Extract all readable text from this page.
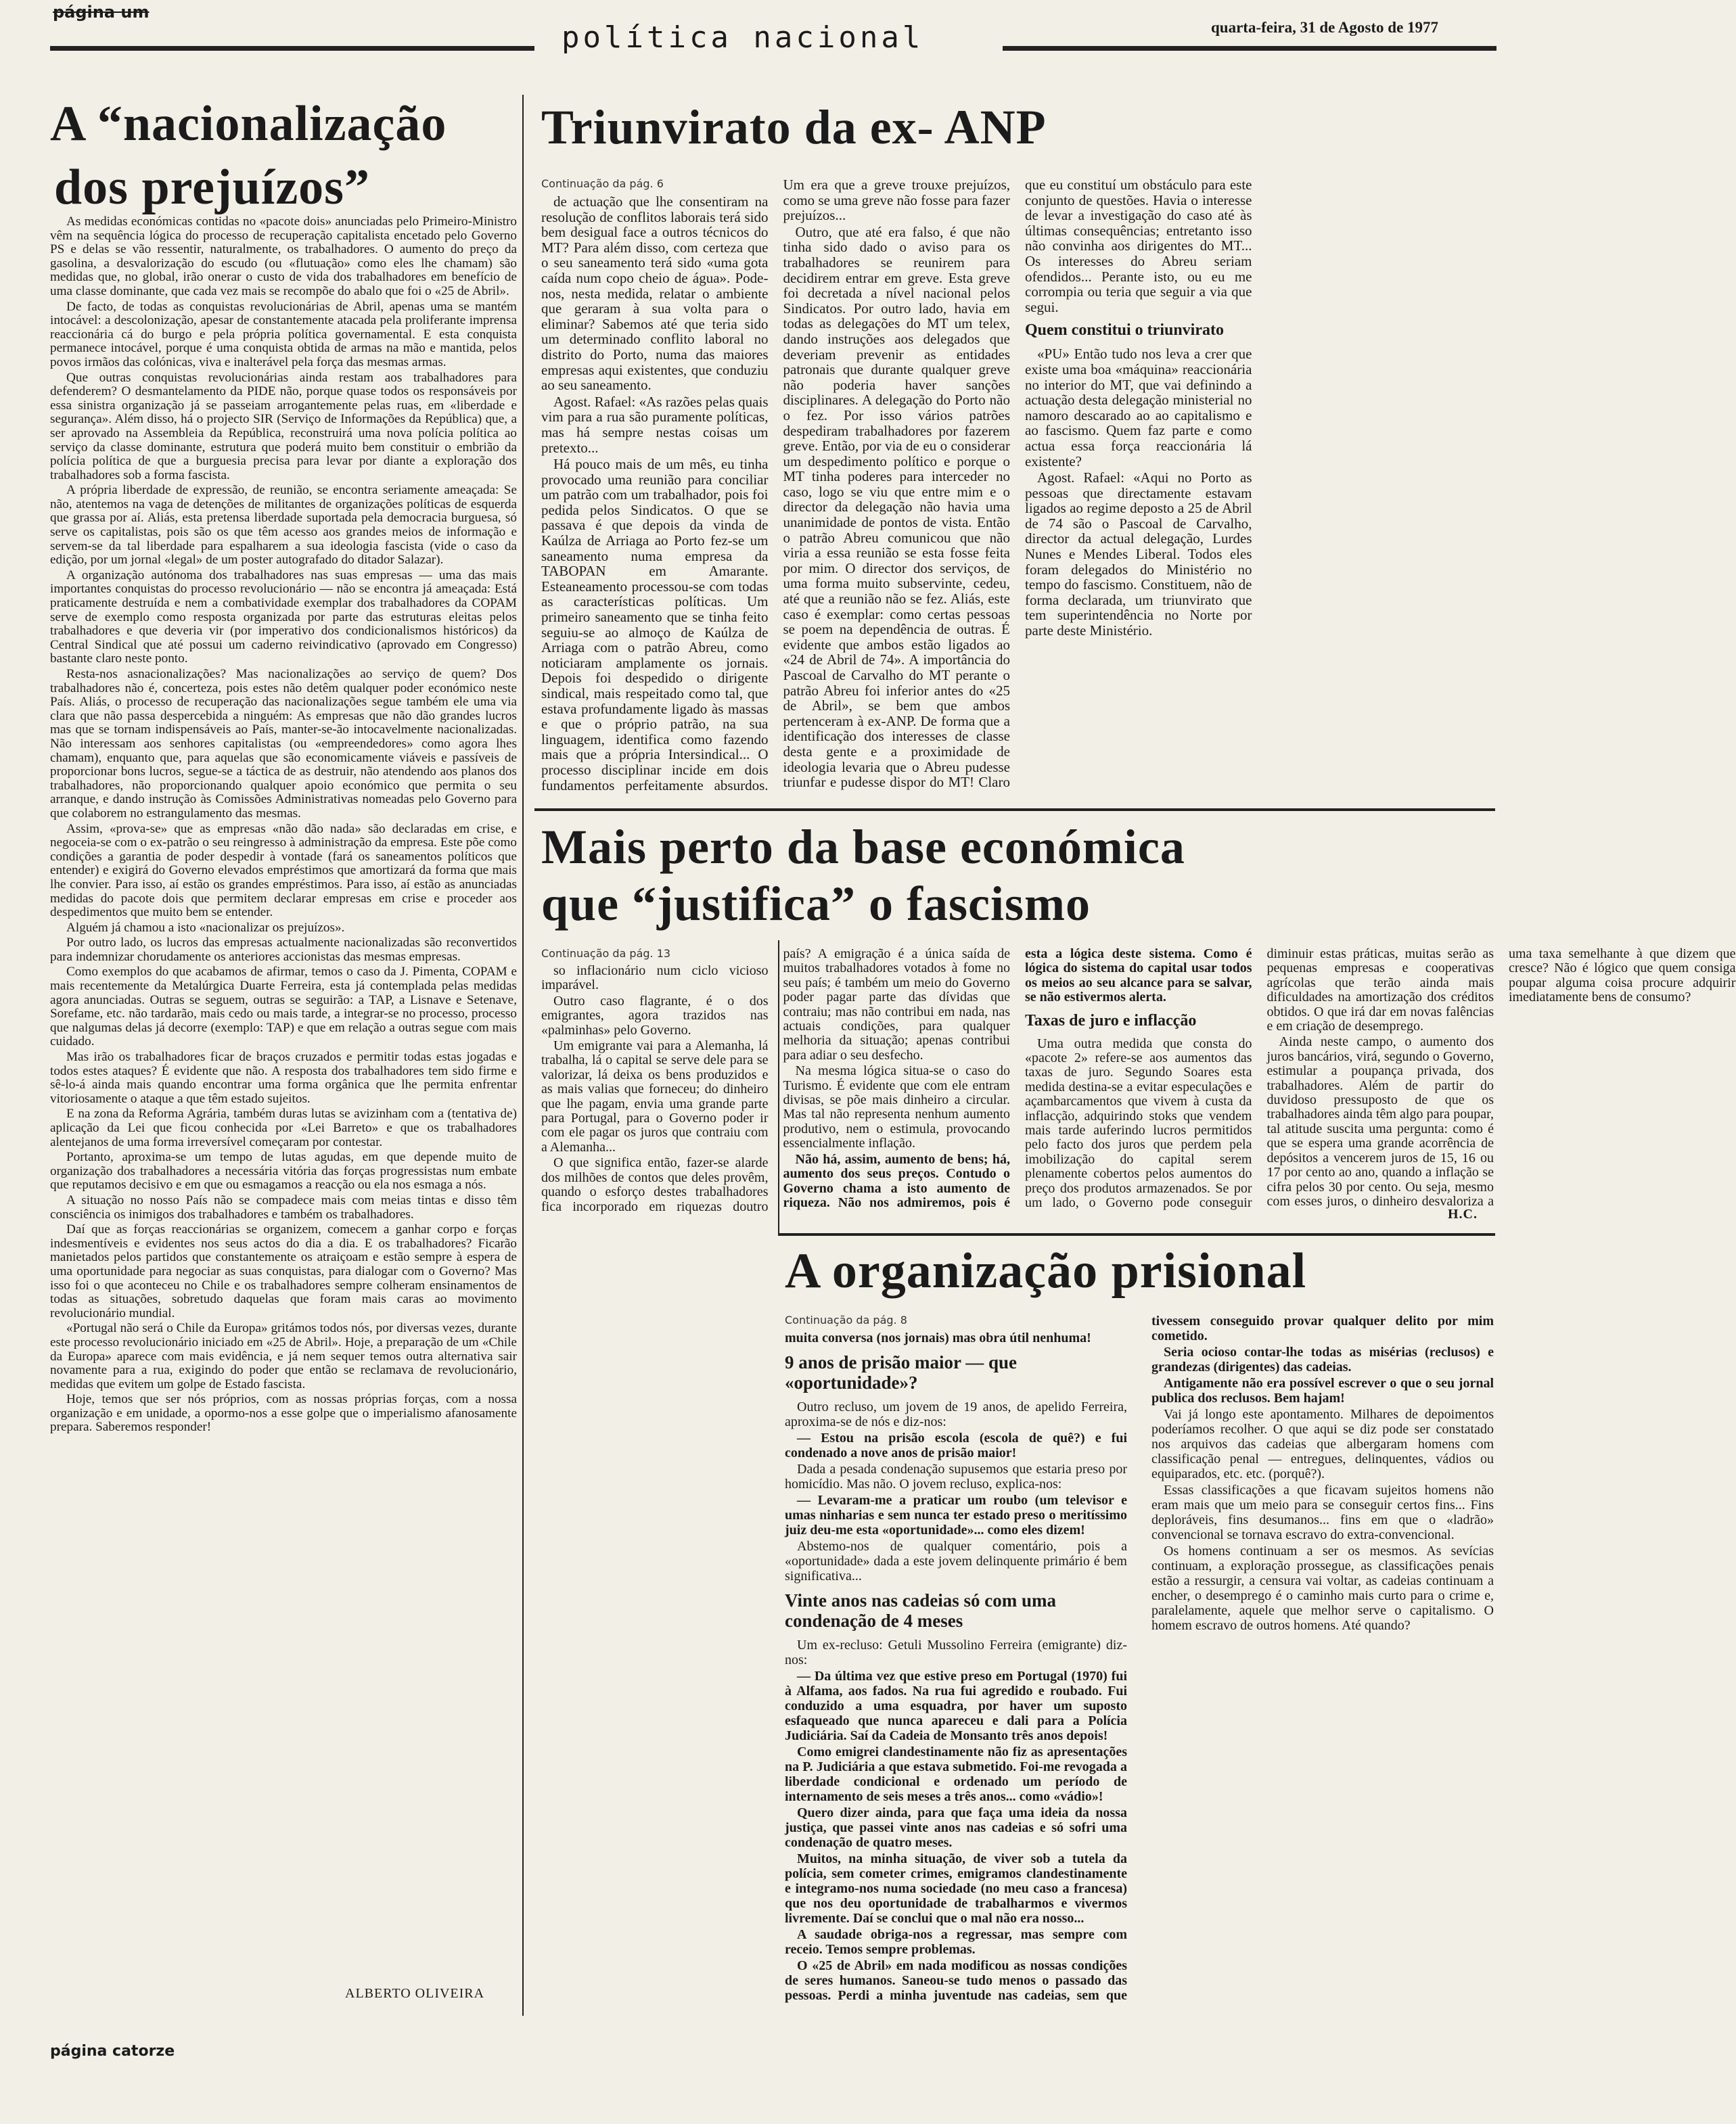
página um
política nacional	quarta-feira, 31 de Agosto de 1977
A “nacionalização
dos prejuízos”

As medidas económicas contidas no «pacote dois» anunciadas pelo Primeiro-Ministro vêm na sequência lógica do processo de recuperação capitalista encetado pelo Governo PS e delas se vão ressentir, naturalmente, os trabalhadores. O aumento do preço da gasolina, a desvalorização do escudo (ou «flutuação» como eles lhe chamam) são medidas que, no global, irão onerar o custo de vida dos trabalhadores em benefício de uma classe dominante, que cada vez mais se recompõe do abalo que foi o «25 de Abril».

De facto, de todas as conquistas revolucionárias de Abril, apenas uma se mantém intocável: a descolonização, apesar de constantemente atacada pela proliferante imprensa reaccionária cá do burgo e pela própria política governamental. E esta conquista permanece intocável, porque é uma conquista obtida de armas na mão e mantida, pelos povos irmãos das colónicas, viva e inalterável pela força das mesmas armas.

Que outras conquistas revolucionárias ainda restam aos trabalhadores para defenderem? O desmantelamento da PIDE não, porque quase todos os responsáveis por essa sinistra organização já se passeiam arrogantemente pelas ruas, em «liberdade e segurança». Além disso, há o projecto SIR (Serviço de Informações da República) que, a ser aprovado na Assembleia da República, reconstruirá uma nova polícia política ao serviço da classe dominante, estrutura que poderá muito bem constituir o embrião da polícia política de que a burguesia precisa para levar por diante a exploração dos trabalhadores sob a forma fascista.

A própria liberdade de expressão, de reunião, se encontra seriamente ameaçada: Se não, atentemos na vaga de detenções de militantes de organizações políticas de esquerda que grassa por aí. Aliás, esta pretensa liberdade suportada pela democracia burguesa, só serve os capitalistas, pois são os que têm acesso aos grandes meios de informação e servem-se da tal liberdade para espalharem a sua ideologia fascista (vide o caso da edição, por um jornal «legal» de um poster autografado do ditador Salazar).

A organização autónoma dos trabalhadores nas suas empresas — uma das mais importantes conquistas do processo revolucionário — não se encontra já ameaçada: Está praticamente destruída e nem a combatividade exemplar dos trabalhadores da COPAM serve de exemplo como resposta organizada por parte das estruturas eleitas pelos trabalhadores e que deveria vir (por imperativo dos condicionalismos históricos) da Central Sindical que até possui um caderno reivindicativo (aprovado em Congresso) bastante claro neste ponto.

Resta-nos asnacionalizações? Mas nacionalizações ao serviço de quem? Dos trabalhadores não é, concerteza, pois estes não detêm qualquer poder económico neste País. Aliás, o processo de recuperação das nacionalizações segue também ele uma via clara que não passa despercebida a ninguém: As empresas que não dão grandes lucros mas que se tornam indispensáveis ao País, manter-se-ão intocavelmente nacionalizadas. Não interessam aos senhores capitalistas (ou «empreendedores» como agora lhes chamam), enquanto que, para aquelas que são economicamente viáveis e passíveis de proporcionar bons lucros, segue-se a táctica de as destruir, não atendendo aos planos dos trabalhadores, não proporcionando qualquer apoio económico que permita o seu arranque, e dando instrução às Comissões Administrativas nomeadas pelo Governo para que colaborem no estrangulamento das mesmas.

Assim, «prova-se» que as empresas «não dão nada» são declaradas em crise, e negoceia-se com o ex-patrão o seu reingresso à administração da empresa. Este põe como condições a garantia de poder despedir à vontade (fará os saneamentos políticos que entender) e exigirá do Governo elevados empréstimos que amortizará da forma que mais lhe convier. Para isso, aí estão os grandes empréstimos. Para isso, aí estão as anunciadas medidas do pacote dois que permitem declarar empresas em crise e proceder aos despedimentos que muito bem se entender.

Alguém já chamou a isto «nacionalizar os prejuízos».

Por outro lado, os lucros das empresas actualmente nacionalizadas são reconvertidos para indemnizar chorudamente os anteriores accionistas das mesmas empresas.

Como exemplos do que acabamos de afirmar, temos o caso da J. Pimenta, COPAM e mais recentemente da Metalúrgica Duarte Ferreira, esta já contemplada pelas medidas agora anunciadas. Outras se seguem, outras se seguirão: a TAP, a Lisnave e Setenave, Sorefame, etc. não tardarão, mais cedo ou mais tarde, a integrar-se no processo, processo que nalgumas delas já decorre (exemplo: TAP) e que em relação a outras segue com mais cuidado.

Mas irão os trabalhadores ficar de braços cruzados e permitir todas estas jogadas e todos estes ataques? É evidente que não. A resposta dos trabalhadores tem sido firme e sê-lo-á ainda mais quando encontrar uma forma orgânica que lhe permita enfrentar vitoriosamente o ataque a que têm estado sujeitos.

E na zona da Reforma Agrária, também duras lutas se avizinham com a (tentativa de) aplicação da Lei que ficou conhecida por «Lei Barreto» e que os trabalhadores alentejanos de uma forma irreversível começaram por contestar.

Portanto, aproxima-se um tempo de lutas agudas, em que depende muito de organização dos trabalhadores a necessária vitória das forças progressistas num embate que reputamos decisivo e em que ou esmagamos a reacção ou ela nos esmaga a nós.

A situação no nosso País não se compadece mais com meias tintas e disso têm consciência os inimigos dos trabalhadores e também os trabalhadores.

Daí que as forças reaccionárias se organizem, comecem a ganhar corpo e forças indesmentíveis e evidentes nos seus actos do dia a dia. E os trabalhadores? Ficarão manietados pelos partidos que constantemente os atraiçoam e estão sempre à espera de uma oportunidade para negociar as suas conquistas, para dialogar com o Governo? Mas isso foi o que aconteceu no Chile e os trabalhadores sempre colheram ensinamentos de todas as situações, sobretudo daquelas que foram mais caras ao movimento revolucionário mundial.

«Portugal não será o Chile da Europa» gritámos todos nós, por diversas vezes, durante este processo revolucionário iniciado em «25 de Abril». Hoje, a preparação de um «Chile da Europa» aparece com mais evidência, e já nem sequer temos outra alternativa sair novamente para a rua, exigindo do poder que então se reclamava de revolucionário, medidas que evitem um golpe de Estado fascista.

Hoje, temos que ser nós próprios, com as nossas próprias forças, com a nossa organização e em unidade, a opormo-nos a esse golpe que o imperialismo afanosamente prepara. Saberemos responder!

ALBERTO OLIVEIRA
Triunvirato da ex- ANP
Continuação da pág. 6

de actuação que lhe consentiram na resolução de conflitos laborais terá sido bem desigual face a outros técnicos do MT? Para além disso, com certeza que o seu saneamento terá sido «uma gota caída num copo cheio de água». Pode-nos, nesta medida, relatar o ambiente que geraram à sua volta para o eliminar? Sabemos até que teria sido um determinado conflito laboral no distrito do Porto, numa das maiores empresas aqui existentes, que conduziu ao seu saneamento.

Agost. Rafael: «As razões pelas quais vim para a rua são puramente políticas, mas há sempre nestas coisas um pretexto...

Há pouco mais de um mês, eu tinha provocado uma reunião para conciliar um patrão com um trabalhador, pois foi pedida pelos Sindicatos. O que se passava é que depois da vinda de Kaúlza de Arriaga ao Porto fez-se um saneamento numa empresa da TABOPAN em Amarante. Esteaneamento processou-se com todas as características políticas. Um primeiro saneamento que se tinha feito seguiu-se ao almoço de Kaúlza de Arriaga com o patrão Abreu, como noticiaram amplamente os jornais. Depois foi despedido o dirigente sindical, mais respeitado como tal, que estava profundamente ligado às massas e que o próprio patrão, na sua linguagem, identifica como fazendo mais que a própria Intersindical... O processo disciplinar incide em dois fundamentos perfeitamente absurdos. Um era que a greve trouxe prejuízos, como se uma greve não fosse para fazer prejuízos...

Outro, que até era falso, é que não tinha sido dado o aviso para os trabalhadores se reunirem para decidirem entrar em greve. Esta greve foi decretada a nível nacional pelos Sindicatos. Por outro lado, havia em todas as delegações do MT um telex, dando instruções aos delegados que deveriam prevenir as entidades patronais que durante qualquer greve não poderia haver sanções disciplinares. A delegação do Porto não o fez. Por isso vários patrões despediram trabalhadores por fazerem greve. Então, por via de eu o considerar um despedimento político e porque o MT tinha poderes para interceder no caso, logo se viu que entre mim e o director da delegação não havia uma unanimidade de pontos de vista. Então o patrão Abreu comunicou que não viria a essa reunião se esta fosse feita por mim. O director dos serviços, de uma forma muito subservinte, cedeu, até que a reunião não se fez. Aliás, este caso é exemplar: como certas pessoas se poem na dependência de outras. É evidente que ambos estão ligados ao «24 de Abril de 74». A importância do Pascoal de Carvalho do MT perante o patrão Abreu foi inferior antes do «25 de Abril», se bem que ambos pertenceram à ex-ANP. De forma que a identificação dos interesses de classe desta gente e a proximidade de ideologia levaria que o Abreu pudesse triunfar e pudesse dispor do MT! Claro que eu constituí um obstáculo para este conjunto de questões. Havia o interesse de levar a investigação do caso até às últimas consequências; entretanto isso não convinha aos dirigentes do MT... Os interesses do Abreu seriam ofendidos... Perante isto, ou eu me corrompia ou teria que seguir a via que segui.

Quem constitui o triunvirato

«PU» Então tudo nos leva a crer que existe uma boa «máquina» reaccionária no interior do MT, que vai definindo a actuação desta delegação ministerial no namoro descarado ao ao capitalismo e ao fascismo. Quem faz parte e como actua essa força reaccionária lá existente?

Agost. Rafael: «Aqui no Porto as pessoas que directamente estavam ligados ao regime deposto a 25 de Abril de 74 são o Pascoal de Carvalho, director da actual delegação, Lurdes Nunes e Mendes Liberal. Todos eles foram delegados do Ministério no tempo do fascismo. Constituem, não de forma declarada, um triunvirato que tem superintendência no Norte por parte deste Ministério.

Mais perto da base económica
que “justifica” o fascismo
Continuação da pág. 13

so inflacionário num ciclo vicioso imparável.

Outro caso flagrante, é o dos emigrantes, agora trazidos nas «palminhas» pelo Governo.

Um emigrante vai para a Alemanha, lá trabalha, lá o capital se serve dele para se valorizar, lá deixa os bens produzidos e as mais valias que forneceu; do dinheiro que lhe pagam, envia uma grande parte para Portugal, para o Governo poder ir com ele pagar os juros que contraiu com a Alemanha...

O que significa então, fazer-se alarde dos milhões de contos que deles provêm, quando o esforço destes trabalhadores fica incorporado em riquezas doutro país? A emigração é a única saída de muitos trabalhadores votados à fome no seu país; é também um meio do Governo poder pagar parte das dívidas que contraiu; mas não contribui em nada, nas actuais condições, para qualquer melhoria da situação; apenas contribui para adiar o seu desfecho.

Na mesma lógica situa-se o caso do Turismo. É evidente que com ele entram divisas, se põe mais dinheiro a circular. Mas tal não representa nenhum aumento produtivo, nem o estimula, provocando essencialmente inflação.

Não há, assim, aumento de bens; há, aumento dos seus preços. Contudo o Governo chama a isto aumento de riqueza. Não nos admiremos, pois é esta a lógica deste sistema. Como é lógica do sistema do capital usar todos os meios ao seu alcance para se salvar, se não estivermos alerta.

Taxas de juro e inflacção

Uma outra medida que consta do «pacote 2» refere-se aos aumentos das taxas de juro. Segundo Soares esta medida destina-se a evitar especulações e açambarcamentos que vivem à custa da inflacção, adquirindo stoks que vendem mais tarde auferindo lucros permitidos pelo facto dos juros que perdem pela imobilização do capital serem plenamente cobertos pelos aumentos do preço dos produtos armazenados. Se por um lado, o Governo pode conseguir diminuir estas práticas, muitas serão as pequenas empresas e cooperativas agrícolas que terão ainda mais dificuldades na amortização dos créditos obtidos. O que irá dar em novas falências e em criação de desemprego.

Ainda neste campo, o aumento dos juros bancários, virá, segundo o Governo, estimular a poupança privada, dos trabalhadores. Além de partir do duvidoso pressuposto de que os trabalhadores ainda têm algo para poupar, tal atitude suscita uma pergunta: como é que se espera uma grande acorrência de depósitos a vencerem juros de 15, 16 ou 17 por cento ao ano, quando a inflação se cifra pelos 30 por cento. Ou seja, mesmo com esses juros, o dinheiro desvaloriza a uma taxa semelhante à que dizem que cresce? Não é lógico que quem consiga poupar alguma coisa procure adquirir imediatamente bens de consumo?

H.C.
A organização prisional
Continuação da pág. 8

muita conversa (nos jornais) mas obra útil nenhuma!

9 anos de prisão maior — que «oportunidade»?

Outro recluso, um jovem de 19 anos, de apelido Ferreira, aproxima-se de nós e diz-nos:

— Estou na prisão escola (escola de quê?) e fui condenado a nove anos de prisão maior!

Dada a pesada condenação supusemos que estaria preso por homicídio. Mas não. O jovem recluso, explica-nos:

— Levaram-me a praticar um roubo (um televisor e umas ninharias e sem nunca ter estado preso o meritíssimo juiz deu-me esta «oportunidade»... como eles dizem!

Abstemo-nos de qualquer comentário, pois a «oportunidade» dada a este jovem delinquente primário é bem significativa...

Vinte anos nas cadeias só com uma condenação de 4 meses

Um ex-recluso: Getuli Mussolino Ferreira (emigrante) diz-nos:

— Da última vez que estive preso em Portugal (1970) fui à Alfama, aos fados. Na rua fui agredido e roubado. Fui conduzido a uma esquadra, por haver um suposto esfaqueado que nunca apareceu e dali para a Polícia Judiciária. Saí da Cadeia de Monsanto três anos depois!

Como emigrei clandestinamente não fiz as apresentações na P. Judiciária a que estava submetido. Foi-me revogada a liberdade condicional e ordenado um período de internamento de seis meses a três anos... como «vádio»!

Quero dizer ainda, para que faça uma ideia da nossa justiça, que passei vinte anos nas cadeias e só sofri uma condenação de quatro meses.

Muitos, na minha situação, de viver sob a tutela da polícia, sem cometer crimes, emigramos clandestinamente e integramo-nos numa sociedade (no meu caso a francesa) que nos deu oportunidade de trabalharmos e vivermos livremente. Daí se conclui que o mal não era nosso...

A saudade obriga-nos a regressar, mas sempre com receio. Temos sempre problemas.

O «25 de Abril» em nada modificou as nossas condições de seres humanos. Saneou-se tudo menos o passado das pessoas. Perdi a minha juventude nas cadeias, sem que tivessem conseguido provar qualquer delito por mim cometido.

Seria ocioso contar-lhe todas as misérias (reclusos) e grandezas (dirigentes) das cadeias.

Antigamente não era possível escrever o que o seu jornal publica dos reclusos. Bem hajam!

Vai já longo este apontamento. Milhares de depoimentos poderíamos recolher. O que aqui se diz pode ser constatado nos arquivos das cadeias que albergaram homens com classificação penal — entregues, delinquentes, vádios ou equiparados, etc. etc. (porquê?).

Essas classificações a que ficavam sujeitos homens não eram mais que um meio para se conseguir certos fins... Fins deploráveis, fins desumanos... fins em que o «ladrão» convencional se tornava escravo do extra-convencional.

Os homens continuam a ser os mesmos. As sevícias continuam, a exploração prossegue, as classificações penais estão a ressurgir, a censura vai voltar, as cadeias continuam a encher, o desemprego é o caminho mais curto para o crime e, paralelamente, aquele que melhor serve o capitalismo. O homem escravo de outros homens. Até quando?

página catorze
